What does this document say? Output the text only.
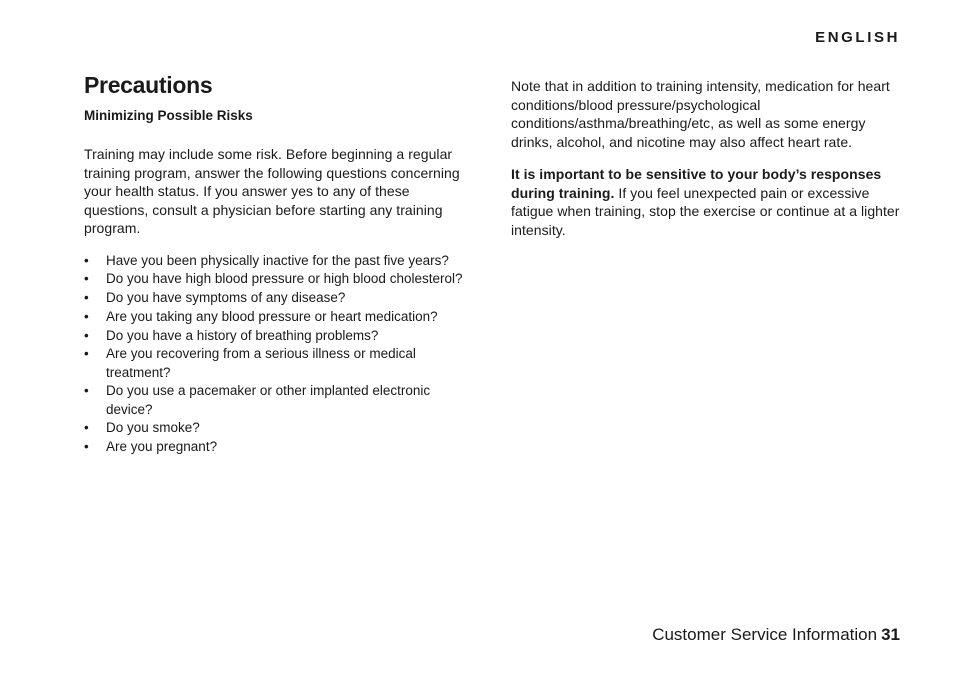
ENGLISH
Precautions
Minimizing Possible Risks

Training may include some risk. Before beginning a regular training program, answer the following questions concerning your health status. If you answer yes to any of these questions, consult a physician before starting any training program.

• Have you been physically inactive for the past five years?
• Do you have high blood pressure or high blood cholesterol?
• Do you have symptoms of any disease?
• Are you taking any blood pressure or heart medication?
• Do you have a history of breathing problems?
• Are you recovering from a serious illness or medical treatment?
• Do you use a pacemaker or other implanted electronic device?
• Do you smoke?
• Are you pregnant?

Note that in addition to training intensity, medication for heart conditions/blood pressure/psychological conditions/asthma/breathing/etc, as well as some energy drinks, alcohol, and nicotine may also affect heart rate.

It is important to be sensitive to your body’s responses during training. If you feel unexpected pain or excessive fatigue when training, stop the exercise or continue at a lighter intensity.

Customer Service Information 31
